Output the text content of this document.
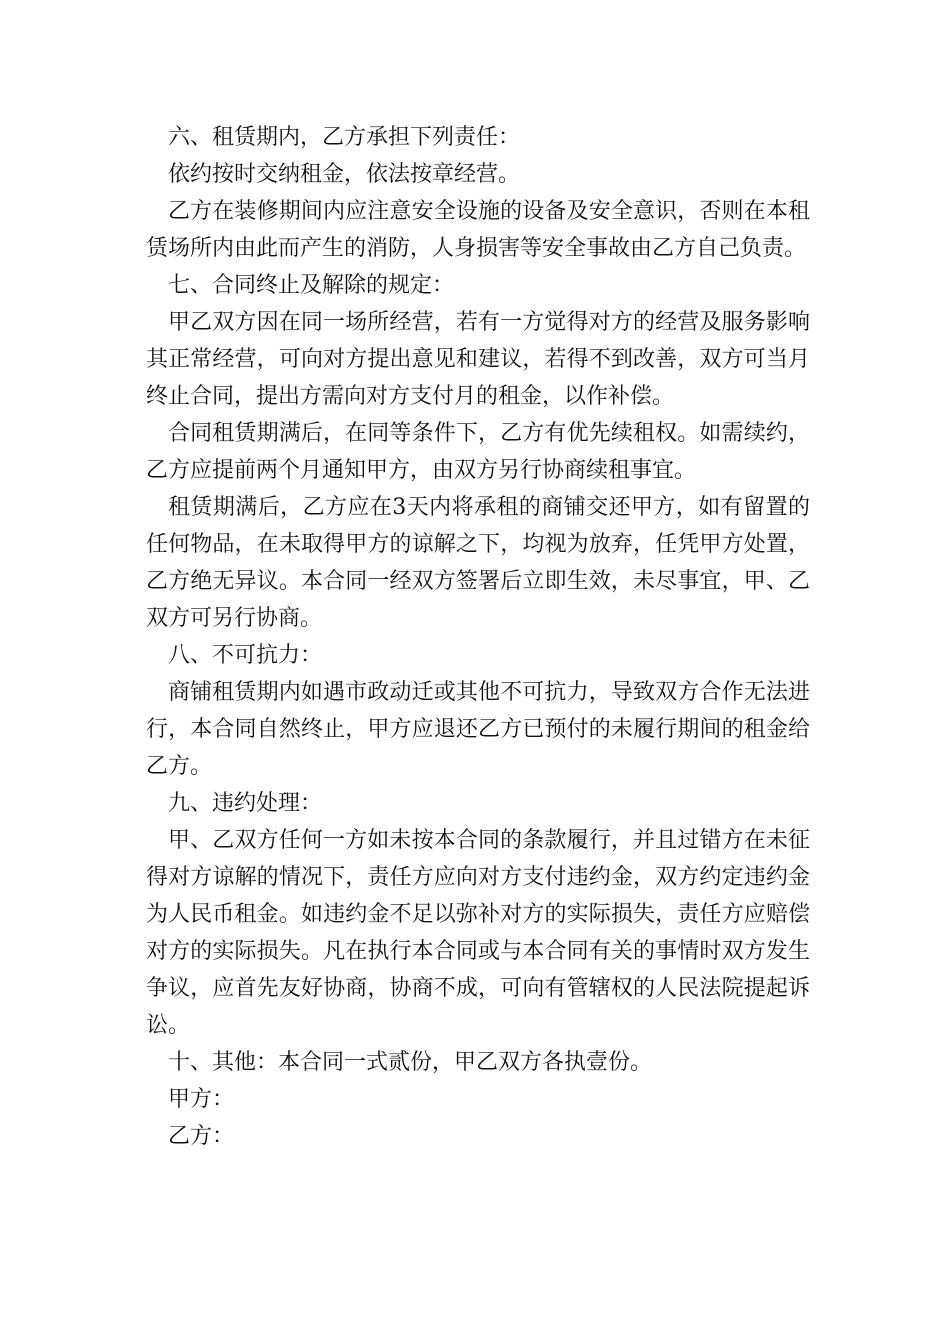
六、租赁期内，乙方承担下列责任：

依约按时交纳租金，依法按章经营。

乙方在装修期间内应注意安全设施的设备及安全意识，否则在本租赁场所内由此而产生的消防，人身损害等安全事故由乙方自己负责。

七、合同终止及解除的规定：

甲乙双方因在同一场所经营，若有一方觉得对方的经营及服务影响其正常经营，可向对方提出意见和建议，若得不到改善，双方可当月终止合同，提出方需向对方支付月的租金，以作补偿。

合同租赁期满后，在同等条件下，乙方有优先续租权。如需续约，乙方应提前两个月通知甲方，由双方另行协商续租事宜。

租赁期满后，乙方应在3天内将承租的商铺交还甲方，如有留置的任何物品，在未取得甲方的谅解之下，均视为放弃，任凭甲方处置，乙方绝无异议。本合同一经双方签署后立即生效，未尽事宜，甲、乙双方可另行协商。

八、不可抗力：

商铺租赁期内如遇市政动迁或其他不可抗力，导致双方合作无法进行，本合同自然终止，甲方应退还乙方已预付的未履行期间的租金给乙方。

九、违约处理：

甲、乙双方任何一方如未按本合同的条款履行，并且过错方在未征得对方谅解的情况下，责任方应向对方支付违约金，双方约定违约金为人民币租金。如违约金不足以弥补对方的实际损失，责任方应赔偿对方的实际损失。凡在执行本合同或与本合同有关的事情时双方发生争议，应首先友好协商，协商不成，可向有管辖权的人民法院提起诉讼。

十、其他：本合同一式贰份，甲乙双方各执壹份。

甲方：

乙方：
